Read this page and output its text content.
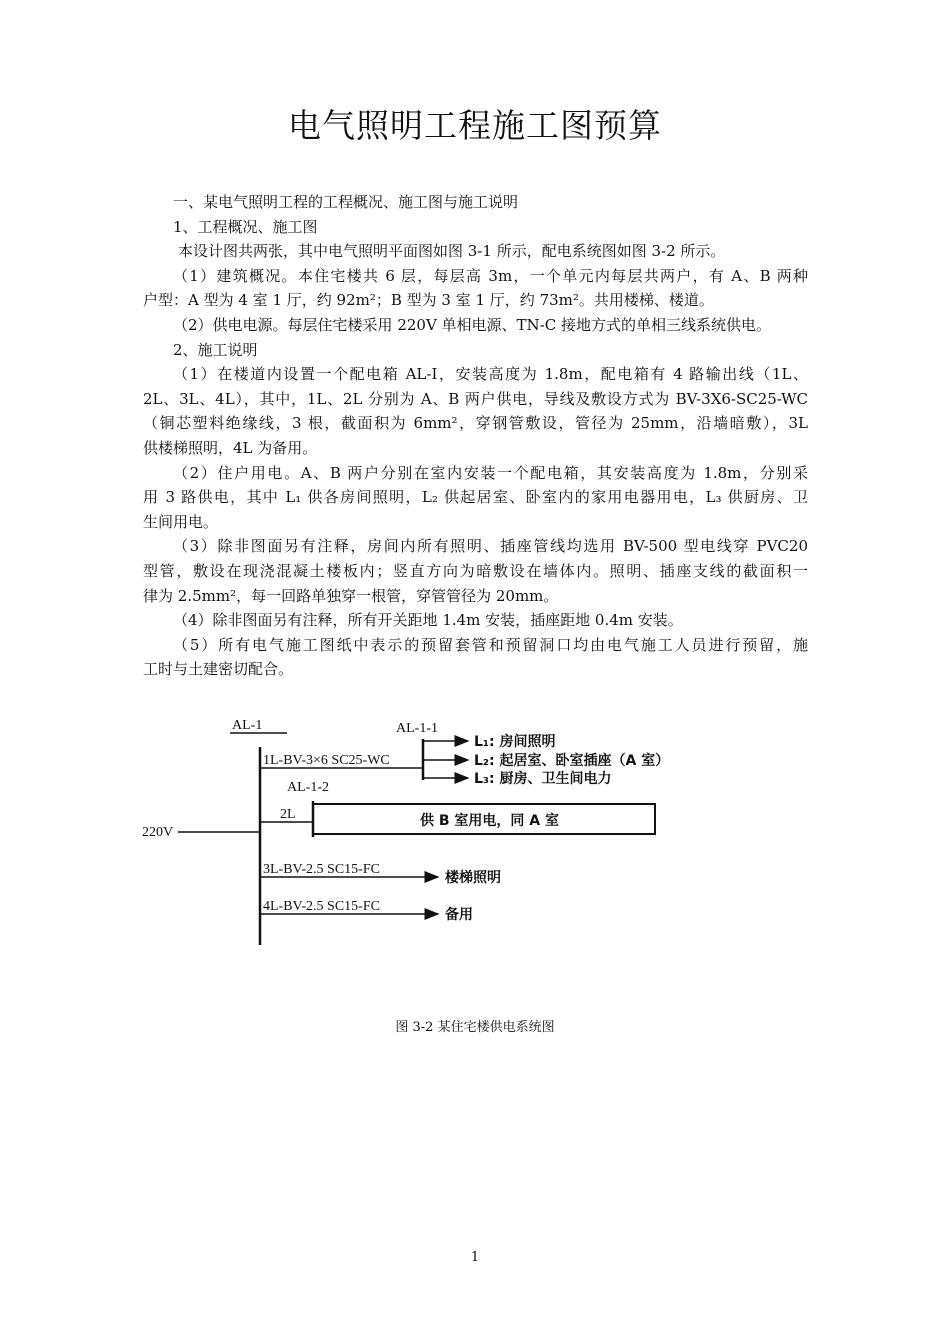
电气照明工程施工图预算

一、某电气照明工程的工程概况、施工图与施工说明

1、工程概况、施工图

本设计图共两张，其中电气照明平面图如图 3-1 所示，配电系统图如图 3-2 所示。

（1）建筑概况。本住宅楼共 6 层，每层高 3m，一个单元内每层共两户，有 A、B 两种

户型：A 型为 4 室 1 厅，约 92m²；B 型为 3 室 1 厅，约 73m²。共用楼梯、楼道。

（2）供电电源。每层住宅楼采用 220V 单相电源、TN-C 接地方式的单相三线系统供电。

2、施工说明

（1）在楼道内设置一个配电箱 AL-I，安装高度为 1.8m，配电箱有 4 路输出线（1L、

2L、3L、4L），其中，1L、2L 分别为 A、B 两户供电，导线及敷设方式为 BV-3X6-SC25-WC

（铜芯塑料绝缘线，3 根，截面积为 6mm²，穿钢管敷设，管径为 25mm，沿墙暗敷），3L

供楼梯照明，4L 为备用。

（2）住户用电。A、B 两户分别在室内安装一个配电箱，其安装高度为 1.8m，分别采

用 3 路供电，其中 L₁ 供各房间照明，L₂ 供起居室、卧室内的家用电器用电，L₃ 供厨房、卫

生间用电。

（3）除非图面另有注释，房间内所有照明、插座管线均选用 BV-500 型电线穿 PVC20

型管，敷设在现浇混凝土楼板内；竖直方向为暗敷设在墙体内。照明、插座支线的截面积一

律为 2.5mm²，每一回路单独穿一根管，穿管管径为 20mm。

（4）除非图面另有注释，所有开关距地 1.4m 安装，插座距地 0.4m 安装。

（5）所有电气施工图纸中表示的预留套管和预留洞口均由电气施工人员进行预留，施

工时与土建密切配合。

AL-1
220V
1L-BV-3×6 SC25-WC
AL-1-1
L₁: 房间照明
L₂: 起居室、卧室插座（A 室）
L₃: 厨房、卫生间电力
AL-1-2
2L	供 B 室用电，同 A 室
3L-BV-2.5 SC15-FC
楼梯照明
4L-BV-2.5 SC15-FC
备用
图 3-2 某住宅楼供电系统图
1
